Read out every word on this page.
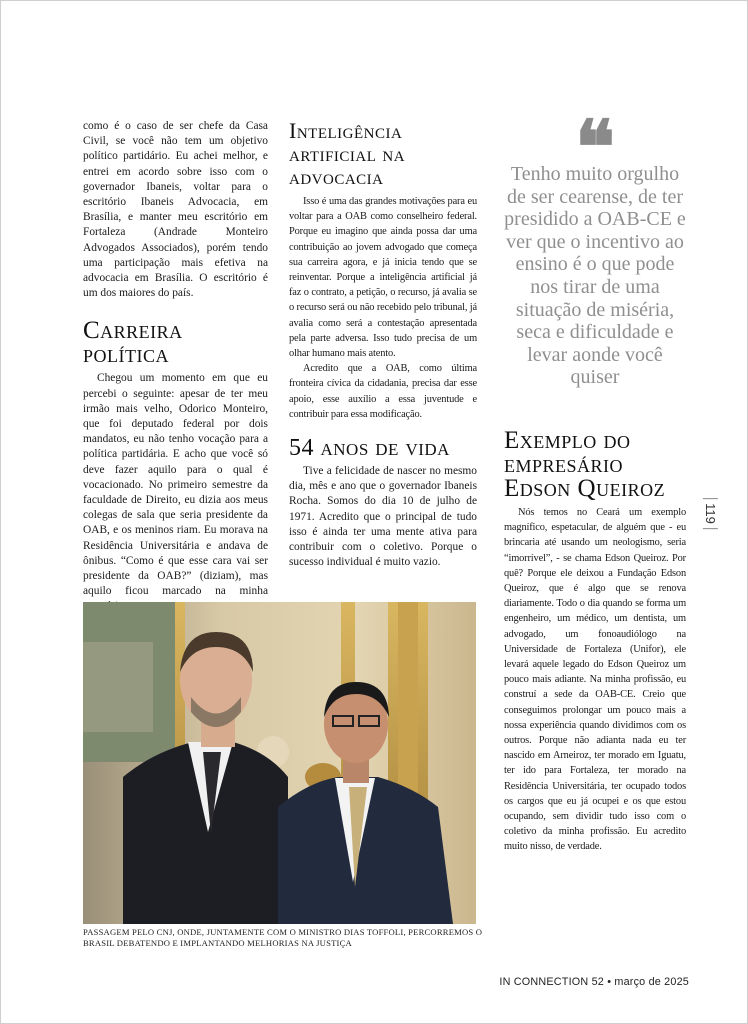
como é o caso de ser chefe da Casa Civil, se você não tem um objetivo político partidário. Eu achei melhor, e entrei em acordo sobre isso com o governador Ibaneis, voltar para o escritório Ibaneis Advocacia, em Brasília, e manter meu escritório em Fortaleza (Andrade Monteiro Advogados Associados), porém tendo uma participação mais efetiva na advocacia em Brasília. O escritório é um dos maiores do país.

Carreira política

Chegou um momento em que eu percebi o seguinte: apesar de ter meu irmão mais velho, Odorico Monteiro, que foi deputado federal por dois mandatos, eu não tenho vocação para a política partidária. E acho que você só deve fazer aquilo para o qual é vocacionado. No primeiro semestre da faculdade de Direito, eu dizia aos meus colegas de sala que seria presidente da OAB, e os meninos riam. Eu morava na Residência Universitária e andava de ônibus. “Como é que esse cara vai ser presidente da OAB?” (diziam), mas aquilo ficou marcado na minha

Inteligência artificial na advocacia

Isso é uma das grandes motivações para eu voltar para a OAB como conselheiro federal. Porque eu imagino que ainda possa dar uma contribuição ao jovem advogado que começa sua carreira agora, e já inicia tendo que se reinventar. Porque a inteligência artificial já faz o contrato, a petição, o recurso, já avalia se o recurso será ou não recebido pelo tribunal, já avalia como será a contestação apresentada pela parte adversa. Isso tudo precisa de um olhar humano mais atento.

Acredito que a OAB, como última fronteira cívica da cidadania, precisa dar esse apoio, esse auxílio a essa juventude e contribuir para essa modificação.

54 anos de vida

Tive a felicidade de nascer no mesmo dia, mês e ano que o governador Ibaneis Rocha. Somos do dia 10 de julho de 1971. Acredito que o principal de tudo isso é ainda ter uma mente ativa para contribuir com o coletivo. Porque o sucesso individual é muito vazio.

❝

Tenho muito orgulho de ser cearense, de ter presidido a OAB-CE e ver que o incentivo ao ensino é o que pode nos tirar de uma situação de miséria, seca e dificuldade e levar aonde você quiser

Exemplo do empresário Edson Queiroz

Nós temos no Ceará um exemplo magnífico, espetacular, de alguém que - eu brincaria até usando um neologismo, seria “imorrível”, - se chama Edson Queiroz. Por quê? Porque ele deixou a Fundação Edson Queiroz, que é algo que se renova diariamente. Todo o dia quando se forma um engenheiro, um médico, um dentista, um advogado, um fonoaudiólogo na Universidade de Fortaleza (Unifor), ele levará aquele legado do Edson Queiroz um pouco mais adiante. Na minha profissão, eu construí a sede da OAB-CE. Creio que conseguimos prolongar um pouco mais a nossa experiência quando dividimos com os outros. Porque não adianta nada eu ter nascido em Arneiroz, ter morado em Iguatu, ter ido para Fortaleza, ter morado na Residência Universitária, ter ocupado todos os cargos que eu já ocupei e os que estou ocupando, sem dividir tudo isso com o coletivo da minha profissão. Eu acredito muito nisso, de verdade.

PASSAGEM PELO CNJ, ONDE, JUNTAMENTE COM O MINISTRO DIAS TOFFOLI, PERCORREMOS O BRASIL DEBATENDO E IMPLANTANDO MELHORIAS NA JUSTIÇA
119
IN CONNECTION 52 • março de 2025
